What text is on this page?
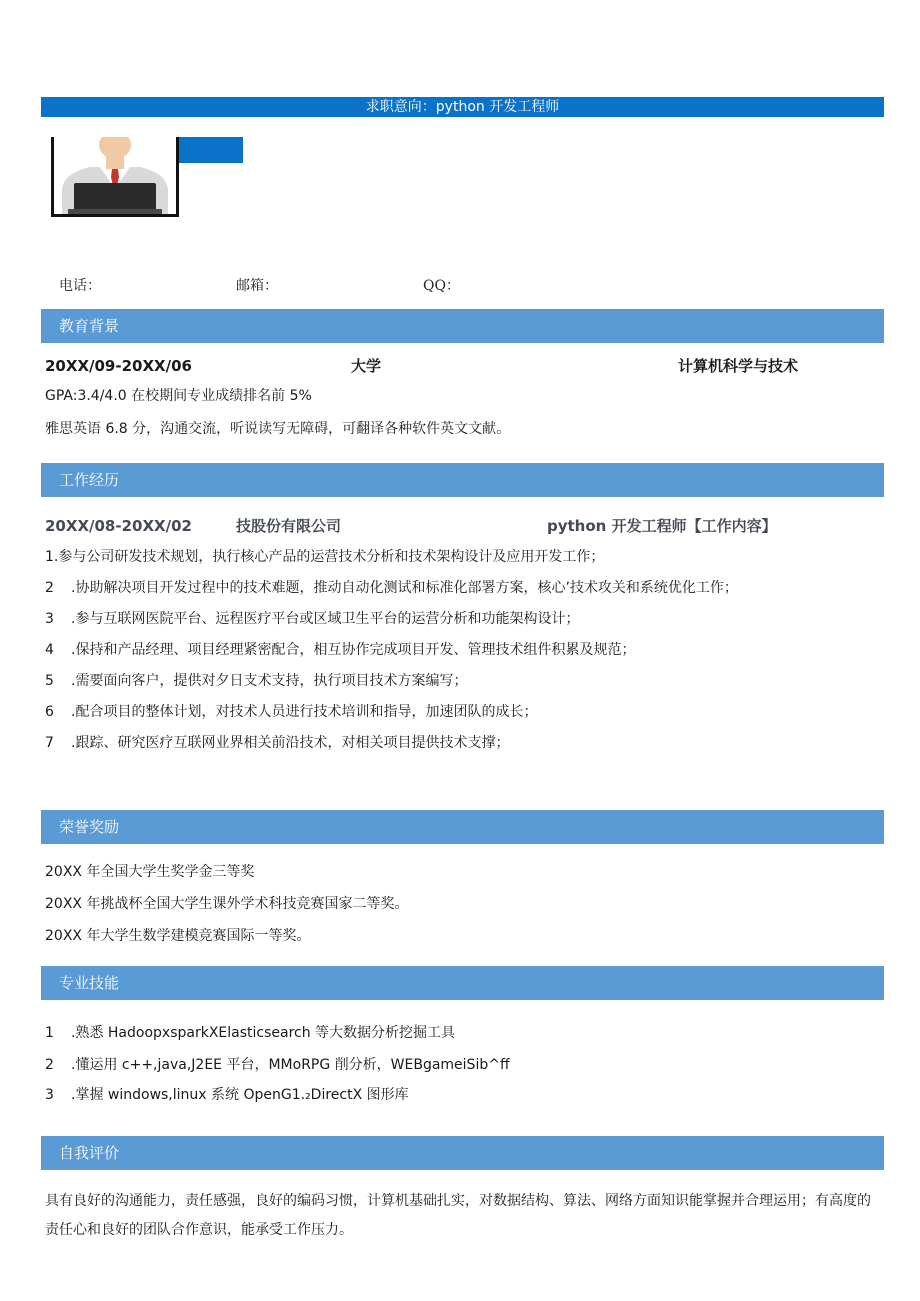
求职意向：python 开发工程师
电话：	邮箱：	QQ：
教育背景
20XX/09-20XX/06	大学	计算机科学与技术
GPA:3.4/4.0 在校期间专业成绩排名前 5%
雅思英语 6.8 分，沟通交流，听说读写无障碍，可翻译各种软件英文文献。
工作经历
20XX/08-20XX/02	技股份有限公司	python 开发工程师【工作内容】
1.参与公司研发技术规划，执行核心产品的运营技术分析和技术架构设计及应用开发工作；
2 .协助解决项目开发过程中的技术难题，推动自动化测试和标准化部署方案，核心’技术攻关和系统优化工作；
3 .参与互联网医院平台、远程医疗平台或区域卫生平台的运营分析和功能架构设计；
4 .保持和产品经理、项目经理紧密配合，相互协作完成项目开发、管理技术组件积累及规范；
5 .需要面向客户，提供对夕日支术支持，执行项目技术方案编写；
6 .配合项目的整体计划，对技术人员进行技术培训和指导，加速团队的成长；
7 .跟踪、研究医疗互联网业界相关前沿技术，对相关项目提供技术支撑；
荣誉奖励
20XX 年全国大学生奖学金三等奖
20XX 年挑战杯全国大学生课外学术科技竞赛国家二等奖。
20XX 年大学生数学建模竞赛国际一等奖。
专业技能
1 .熟悉 HadoopxsparkXElasticsearch 等大数据分析挖掘工具
2 .懂运用 c++,java,J2EE 平台，MMoRPG 削分析，WEBgameiSib^ff
3 .掌握 windows,linux 系统 OpenG1.₂DirectX 图形库
自我评价
具有良好的沟通能力，责任感强，良好的编码习惯，计算机基础扎实，对数据结构、算法、网络方面知识能掌握并合理运用；有高度的责任心和良好的团队合作意识，能承受工作压力。
